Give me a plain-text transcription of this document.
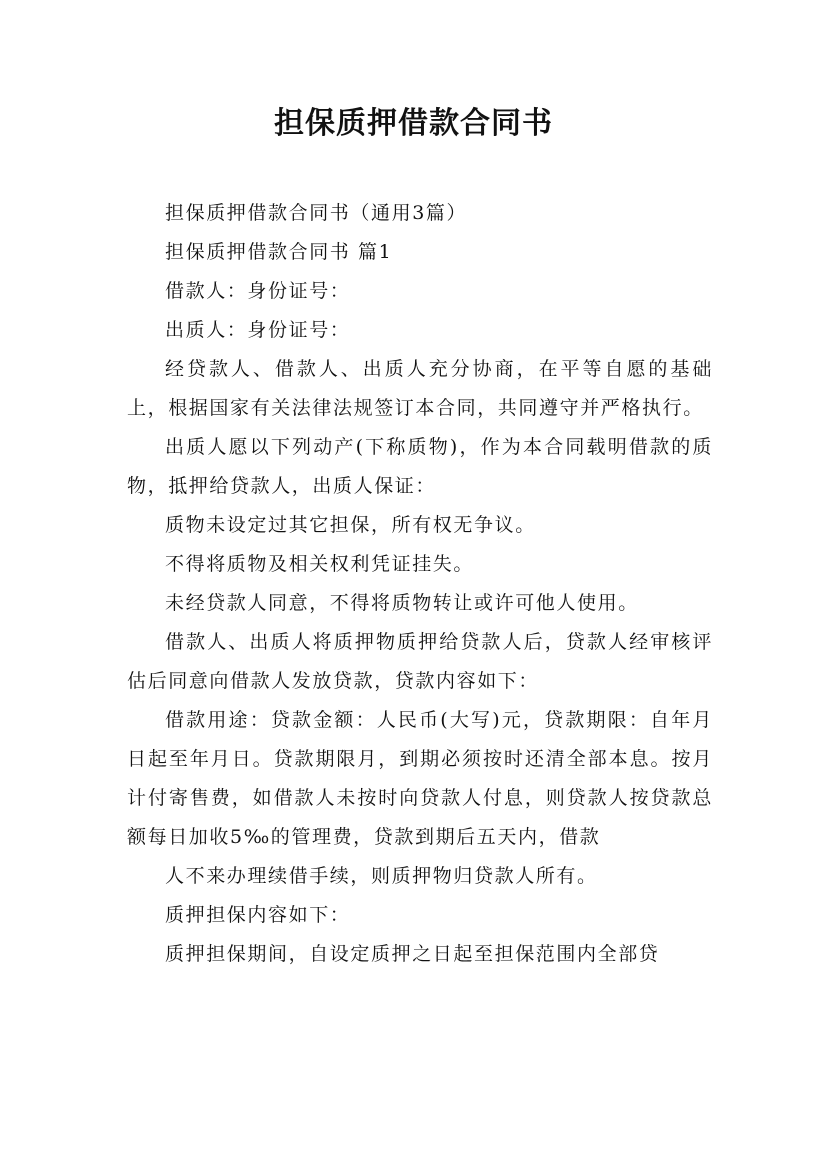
担保质押借款合同书

担保质押借款合同书（通用3篇）

担保质押借款合同书 篇1

借款人：身份证号：

出质人：身份证号：

经贷款人、借款人、出质人充分协商，在平等自愿的基础上，根据国家有关法律法规签订本合同，共同遵守并严格执行。

出质人愿以下列动产(下称质物)，作为本合同载明借款的质物，抵押给贷款人，出质人保证：

质物未设定过其它担保，所有权无争议。

不得将质物及相关权利凭证挂失。

未经贷款人同意，不得将质物转让或许可他人使用。

借款人、出质人将质押物质押给贷款人后，贷款人经审核评估后同意向借款人发放贷款，贷款内容如下：

借款用途：贷款金额：人民币(大写)元，贷款期限：自年月日起至年月日。贷款期限月，到期必须按时还清全部本息。按月计付寄售费，如借款人未按时向贷款人付息，则贷款人按贷款总额每日加收5‰的管理费，贷款到期后五天内，借款

人不来办理续借手续，则质押物归贷款人所有。

质押担保内容如下：

质押担保期间，自设定质押之日起至担保范围内全部贷
